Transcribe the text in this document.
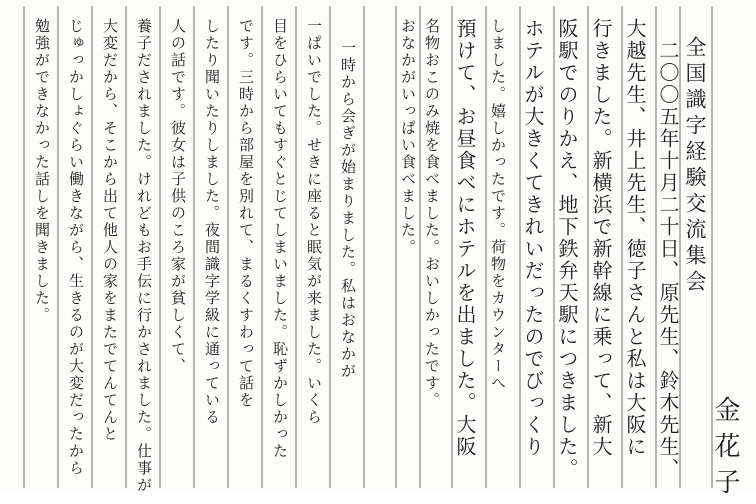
全国識字経験交流集会
金花子
二〇〇五年十月二十日、原先生、鈴木先生、
大越先生、井上先生、徳子さんと私は大阪に
行きました。新横浜で新幹線に乗って、新大
阪駅でのりかえ、地下鉄弁天駅につきました。
ホテルが大きくてきれいだったのでびっくり
しました。嬉しかったです。荷物をカウンターへ
預けて、お昼食べにホテルを出ました。大阪
名物おこのみ焼を食べました。おいしかったです。
おなかがいっぱい食べました。
一時から会ぎが始まりました。私はおなかが
一ぱいでした。せきに座ると眠気が来ました。いくら
目をひらいてもすぐとじてしまいました。恥ずかしかった
です。三時から部屋を別れて、まるくすわって話を
したり聞いたりしました。夜間識字学級に通っている
人の話です。彼女は子供のころ家が貧しくて、
養子だされました。けれどもお手伝に行かされました。仕事が
大変だから、そこから出て他人の家をまたでてんてんと
じゅっかしょぐらい働きながら、生きるのが大変だったから
勉強ができなかった話しを聞きました。
